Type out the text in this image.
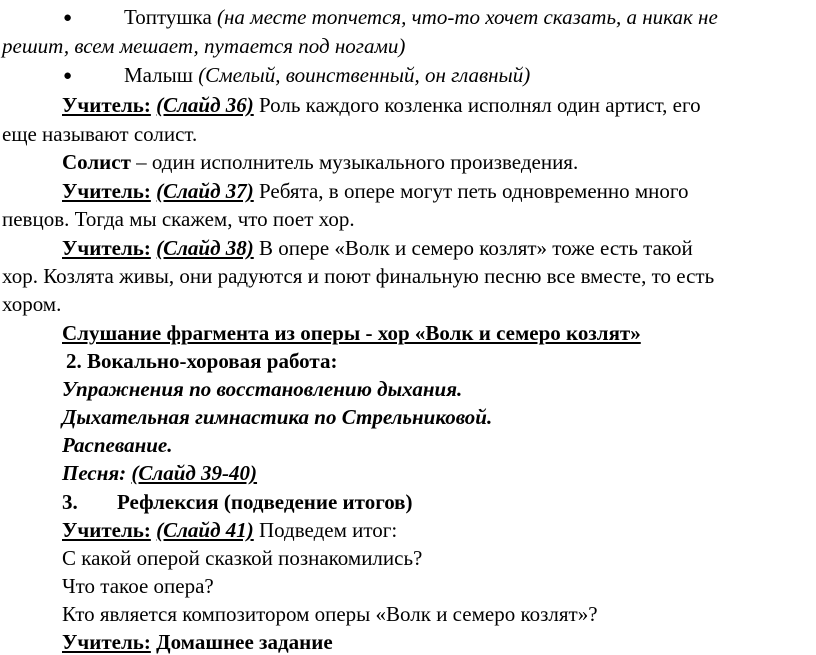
● Топтушка (на месте топчется, что-то хочет сказать, а никак не
решит, всем мешает, путается под ногами)
● Малыш (Смелый, воинственный, он главный)
Учитель: (Слайд 36) Роль каждого козленка исполнял один артист, его
еще называют солист.
Солист – один исполнитель музыкального произведения.
Учитель: (Слайд 37) Ребята, в опере могут петь одновременно много
певцов. Тогда мы скажем, что поет хор.
Учитель: (Слайд 38) В опере «Волк и семеро козлят» тоже есть такой
хор. Козлята живы, они радуются и поют финальную песню все вместе, то есть
хором.
Слушание фрагмента из оперы - хор «Волк и семеро козлят»
2. Вокально-хоровая работа:
Упражнения по восстановлению дыхания.
Дыхательная гимнастика по Стрельниковой.
Распевание.
Песня: (Слайд 39-40)
3. Рефлексия (подведение итогов)
Учитель: (Слайд 41) Подведем итог:
С какой оперой сказкой познакомились?
Что такое опера?
Кто является композитором оперы «Волк и семеро козлят»?
Учитель: Домашнее задание
